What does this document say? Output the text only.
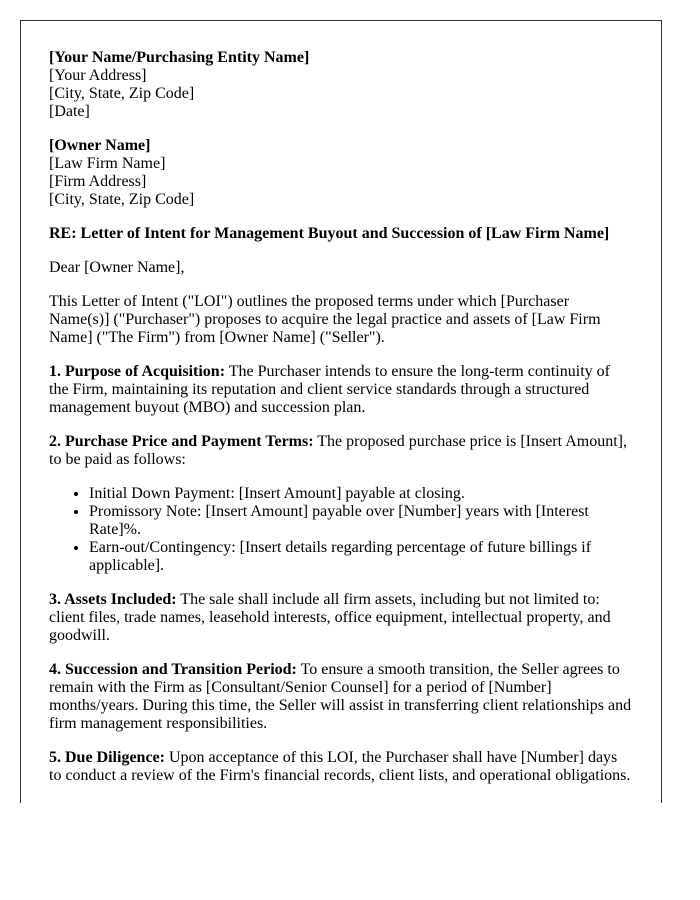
[Your Name/Purchasing Entity Name]
[Your Address]
[City, State, Zip Code]
[Date]

[Owner Name]
[Law Firm Name]
[Firm Address]
[City, State, Zip Code]

RE: Letter of Intent for Management Buyout and Succession of [Law Firm Name]

Dear [Owner Name],

This Letter of Intent ("LOI") outlines the proposed terms under which [Purchaser Name(s)] ("Purchaser") proposes to acquire the legal practice and assets of [Law Firm Name] ("The Firm") from [Owner Name] ("Seller").

1. Purpose of Acquisition: The Purchaser intends to ensure the long-term continuity of the Firm, maintaining its reputation and client service standards through a structured management buyout (MBO) and succession plan.

2. Purchase Price and Payment Terms: The proposed purchase price is [Insert Amount], to be paid as follows:

• Initial Down Payment: [Insert Amount] payable at closing.
• Promissory Note: [Insert Amount] payable over [Number] years with [Interest Rate]%.
• Earn-out/Contingency: [Insert details regarding percentage of future billings if applicable].

3. Assets Included: The sale shall include all firm assets, including but not limited to: client files, trade names, leasehold interests, office equipment, intellectual property, and goodwill.

4. Succession and Transition Period: To ensure a smooth transition, the Seller agrees to remain with the Firm as [Consultant/Senior Counsel] for a period of [Number] months/years. During this time, the Seller will assist in transferring client relationships and firm management responsibilities.

5. Due Diligence: Upon acceptance of this LOI, the Purchaser shall have [Number] days to conduct a review of the Firm's financial records, client lists, and operational obligations.
